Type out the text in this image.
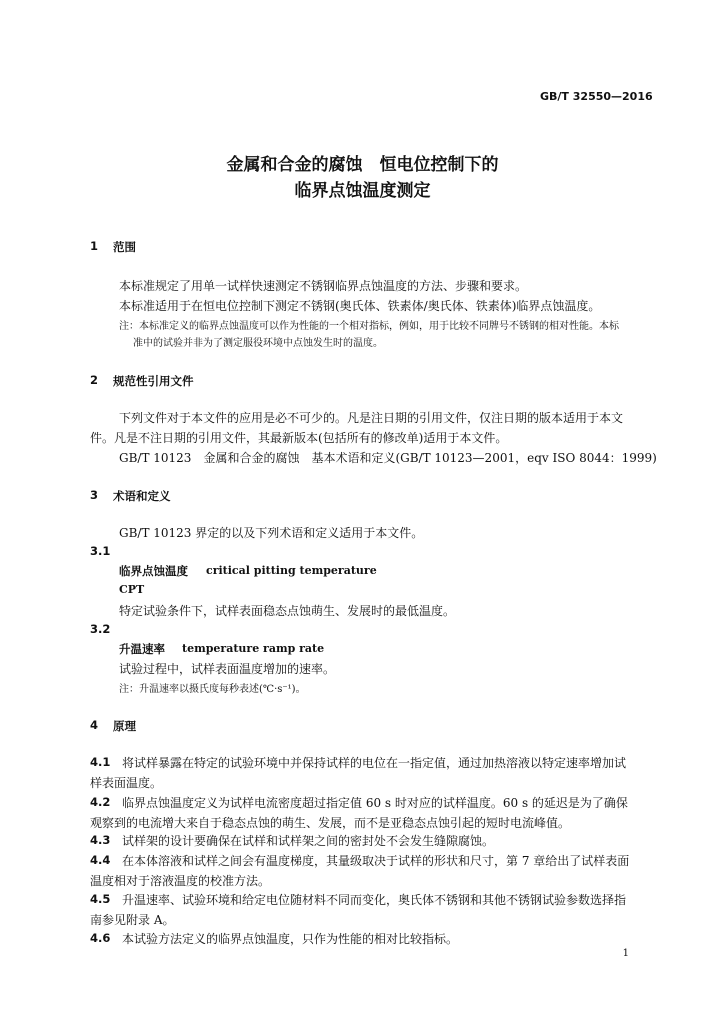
GB/T 32550—2016
金属和合金的腐蚀　恒电位控制下的
临界点蚀温度测定
1 范围
本标准规定了用单一试样快速测定不锈钢临界点蚀温度的方法、步骤和要求。
本标准适用于在恒电位控制下测定不锈钢(奥氏体、铁素体/奥氏体、铁素体)临界点蚀温度。
注：本标准定义的临界点蚀温度可以作为性能的一个相对指标，例如，用于比较不同牌号不锈钢的相对性能。本标
准中的试验并非为了测定服役环境中点蚀发生时的温度。
2 规范性引用文件
下列文件对于本文件的应用是必不可少的。凡是注日期的引用文件，仅注日期的版本适用于本文
件。凡是不注日期的引用文件，其最新版本(包括所有的修改单)适用于本文件。
GB/T 10123　金属和合金的腐蚀　基本术语和定义(GB/T 10123—2001，eqv ISO 8044：1999)
3 术语和定义
GB/T 10123 界定的以及下列术语和定义适用于本文件。
3.1
临界点蚀温度 critical pitting temperature
CPT
特定试验条件下，试样表面稳态点蚀萌生、发展时的最低温度。
3.2
升温速率 temperature ramp rate
试验过程中，试样表面温度增加的速率。
注：升温速率以摄氏度每秒表述(℃·s⁻¹)。
4 原理
4.1 将试样暴露在特定的试验环境中并保持试样的电位在一指定值，通过加热溶液以特定速率增加试
样表面温度。
4.2 临界点蚀温度定义为试样电流密度超过指定值 60 s 时对应的试样温度。60 s 的延迟是为了确保
观察到的电流增大来自于稳态点蚀的萌生、发展，而不是亚稳态点蚀引起的短时电流峰值。
4.3 试样架的设计要确保在试样和试样架之间的密封处不会发生缝隙腐蚀。
4.4 在本体溶液和试样之间会有温度梯度，其量级取决于试样的形状和尺寸，第 7 章给出了试样表面
温度相对于溶液温度的校准方法。
4.5 升温速率、试验环境和给定电位随材料不同而变化，奥氏体不锈钢和其他不锈钢试验参数选择指
南参见附录 A。
4.6 本试验方法定义的临界点蚀温度，只作为性能的相对比较指标。
1
